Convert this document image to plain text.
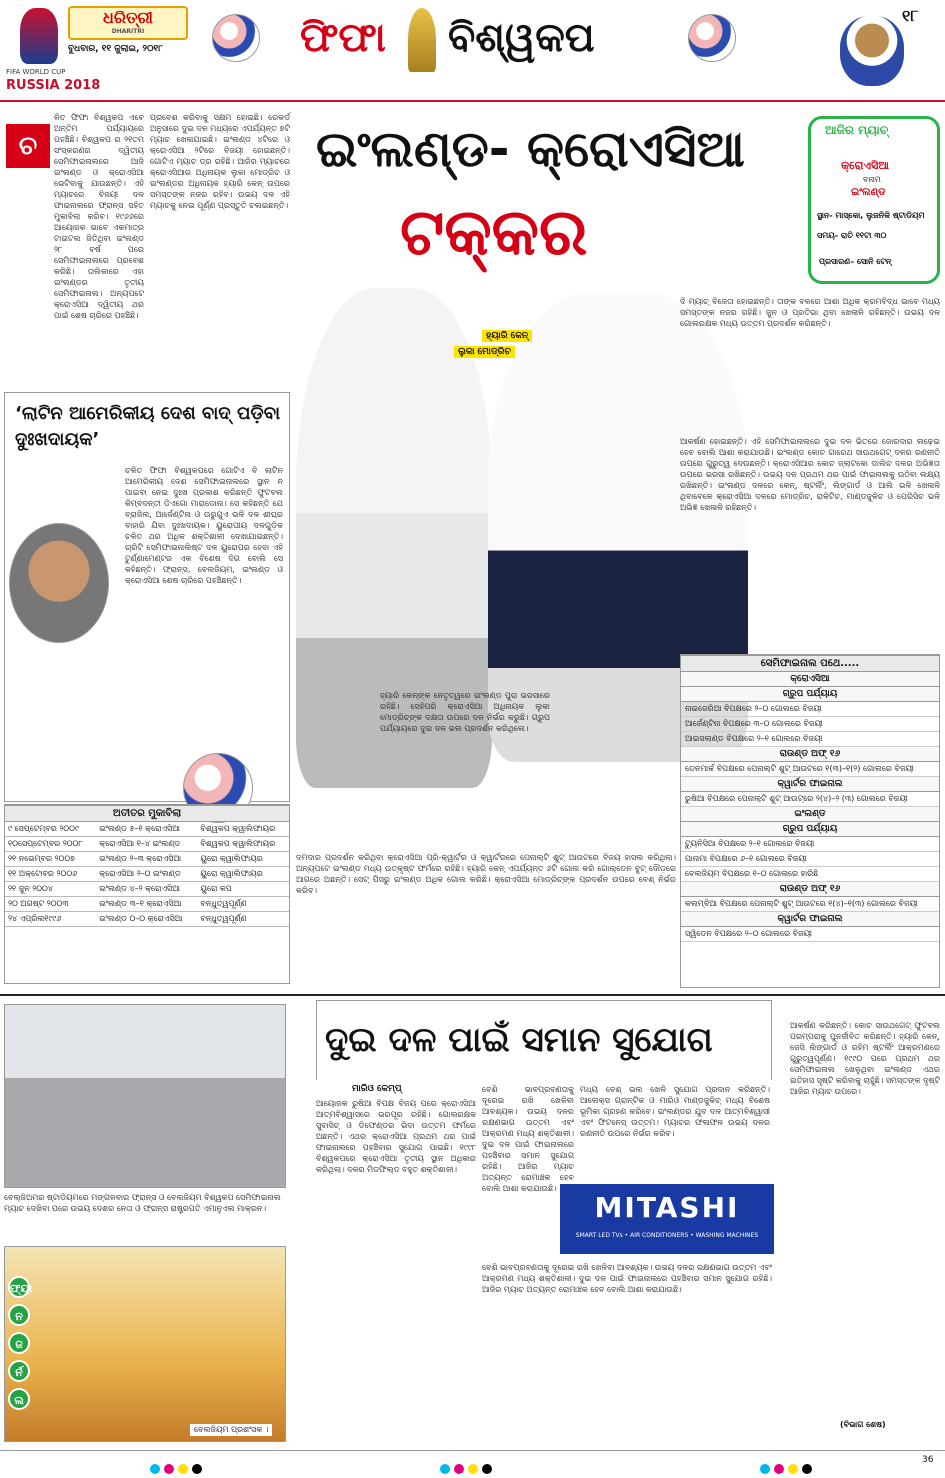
ଧରିତ୍ରୀ
DHARITRI
ବୁଧବାର, ୧୧ ଜୁଲାଇ, ୨୦୧୮
FIFA WORLD CUP
RUSSIA 2018
ଫିଫା ବିଶ୍ୱକପ	୧୮
ଚ
ଳିତ ଫିଫା ବିଶ୍ୱକପ ଏବେ ଅନ୍ତିମ ପର୍ଯ୍ୟାୟରେ ପହଞ୍ଚିଛି। ବିଶ୍ୱକପ ର ୨୧ତମ ସଂସ୍କରଣର ଦ୍ୱିତୀୟ ସେମିଫାଇନାଲରେ ଆଜି ଇଂଲଣ୍ଡ ଓ କ୍ରୋଏସିଆ ଭେଟିବାକୁ ଯାଉଛନ୍ତି। ଏହି ମ୍ୟାଚରେ ବିଜୟୀ ଦଳ ଫାଇନାଲରେ ଫ୍ରାନ୍ସ ସହିତ ମୁକାବିଲା କରିବ। ୧୯୬୬ରେ ଆୟୋଜକ ଭାବେ ଏକମାତ୍ର ଟାଇଟଲ ଜିତିଥିବା ଇଂଲଣ୍ଡ ୨୮ ବର୍ଷ ପରେ ସେମିଫାଇନାଲରେ ପ୍ରବେଶ କରିଛି। ତାଲିକାରେ ଏହା ଇଂଲଣ୍ଡର ତୃତୀୟ ସେମିଫାଇନାଲ। ଅନ୍ୟପଟେ କ୍ରୋଏସିଆ ଦ୍ୱିତୀୟ ଥର ପାଇଁ ଶେଷ ଚାରିରେ ପହଞ୍ଚିଛି।
ପ୍ରବେଶ କରିବାକୁ ସକ୍ଷମ ହୋଇଛି। ରେକର୍ଡ ଅନୁସାରେ ଦୁଇ ଦଳ ମଧ୍ୟରେ ଏପର୍ଯ୍ୟନ୍ତ ୭ଟି ମ୍ୟାଚ ଖେଳାଯାଇଛି। ଇଂଲଣ୍ଡ ୪ଟିରେ ଓ କ୍ରୋଏସିଆ ୨ଟିରେ ବିଜୟୀ ହୋଇଛନ୍ତି। ଗୋଟିଏ ମ୍ୟାଚ ଡ୍ର ରହିଛି। ଆଜିର ମ୍ୟାଚରେ କ୍ରୋଏସିଆର ଅଧିନାୟକ ଲୁକା ମୋଡ୍ରିଚ ଓ ଇଂଲଣ୍ଡର ଅଧିନାୟକ ହ୍ୟାରି କେନ୍ ଉପରେ ସମସ୍ତଙ୍କ ନଜର ରହିବ। ଉଭୟ ଦଳ ଏହି ମ୍ୟାଚକୁ ନେଇ ପୂର୍ଣ୍ଣ ପ୍ରସ୍ତୁତି ଚଳାଇଛନ୍ତି।
‘ଲାଟିନ ଆମେରିକୀୟ ଦେଶ ବାଦ୍ ପଡ଼ିବା ଦୁଃଖଦାୟକ’
ଚଳିତ ଫିଫା ବିଶ୍ୱକପରେ ଗୋଟିଏ ବି ଲାଟିନ ଆମେରିକୀୟ ଦେଶ ସେମିଫାଇନାଲରେ ସ୍ଥାନ ନ ପାଇବା ନେଇ ଦୁଃଖ ପ୍ରକାଶ କରିଛନ୍ତି ଫୁଟବଲ କିମ୍ବଦନ୍ତୀ ଡିଏଗୋ ମାରାଡୋନା। ସେ କହିଛନ୍ତି ଯେ ବ୍ରାଜିଲ, ଆର୍ଜେଣ୍ଟିନା ଓ ଉରୁଗୁଏ ଭଳି ଦଳ ଶୀଘ୍ର ବାହାରି ଯିବା ଦୁଃଖଦାୟକ। ୟୁରୋପୀୟ ଦଳଗୁଡ଼ିକ ଚଳିତ ଥର ଅଧିକ ଶକ୍ତିଶାଳୀ ଦେଖାଯାଇଛନ୍ତି। ଚାରିଟି ସେମିଫାଇନାଲିଷ୍ଟ ଦଳ ୟୁରୋପର ହେବା ଏହି ଟୁର୍ଣ୍ଣାମେଣ୍ଟର ଏକ ବିଶେଷ ଦିଗ ବୋଲି ସେ କହିଛନ୍ତି। ଫ୍ରାନ୍ସ, ବେଲଜିୟମ, ଇଂଲଣ୍ଡ ଓ କ୍ରୋଏସିଆ ଶେଷ ଚାରିରେ ପହଞ୍ଚିଛନ୍ତି।
ଅତୀତର ମୁକାବିଲା
୯ ସେପ୍ଟେମ୍ବର ୨୦୦୯	ଇଂଲଣ୍ଡ ୫–୧ କ୍ରୋଏସିଆ	ବିଶ୍ୱକପ କ୍ୱାଲିଫାୟର
୧୦ସେପ୍ଟେମ୍ବର ୨୦୦୮	କ୍ରୋଏସିଆ ୧–୪ ଇଂଲଣ୍ଡ	ବିଶ୍ୱକପ କ୍ୱାଲିଫାୟର
୨୧ ନଭେମ୍ବର ୨୦୦୭	ଇଂଲଣ୍ଡ ୨–୩ କ୍ରୋଏସିଆ	ୟୁରୋ କ୍ୱାଲିଫାୟର
୧୧ ଅକ୍ଟୋବର ୨୦୦୬	କ୍ରୋଏସିଆ ୨–୦ ଇଂଲଣ୍ଡ	ୟୁରୋ କ୍ୱାଲିଫାୟର
୨୧ ଜୁନ ୨୦୦୪	ଇଂଲଣ୍ଡ ୪–୨ କ୍ରୋଏସିଆ	ୟୁରୋ କପ
୨୦ ଅଗଷ୍ଟ ୨୦୦୩	ଇଂଲଣ୍ଡ ୩–୧ କ୍ରୋଏସିଆ	ବନ୍ଧୁତ୍ୱପୂର୍ଣ୍ଣ
୨୪ ଏପ୍ରିଲ୧୯୯୬	ଇଂଲଣ୍ଡ ୦–୦ କ୍ରୋଏସିଆ	ବନ୍ଧୁତ୍ୱପୂର୍ଣ୍ଣ
ଇଂଲଣ୍ଡ- କ୍ରୋଏସିଆ
ଟକ୍କର
ଆଜିର ମ୍ୟାଚ୍
କ୍ରୋଏସିଆ
ବନାମ
ଇଂଲଣ୍ଡ
ସ୍ଥାନ- ମାସ୍କୋ, ଲୁଜନିକି ଷ୍ଟାଡିୟମ
ସମୟ- ରାତି ୧୧ଟା ୩୦
ପ୍ରସାରଣ– ସୋନି ଟେନ୍
ହ୍ୟାରି କେନ୍
ଲୁକା ମୋଡ୍ରିଚ
ହ୍ୟାରି କେନ୍‌ଙ୍କ ନେତୃତ୍ୱରେ ଇଂଲଣ୍ଡ ପୁରା ଭରସାରେ ରହିଛି। ସେହିପରି କ୍ରୋଏସିଆ ଅଧିନାୟକ ଲୁକା ମୋଡ୍ରିଚ୍‌ଙ୍କ ଦକ୍ଷତା ଉପରେ ଦଳ ନିର୍ଭର କରୁଛି। ଗ୍ରୁପ ପର୍ଯ୍ୟାୟରେ ଦୁଇ ଦଳ ଭଲ ପ୍ରଦର୍ଶନ କରିଥିଲେ।
ଦମଦାର ପ୍ରଦର୍ଶନ କରିଥିବା କ୍ରୋଏସିଆ ପ୍ରି-କ୍ୱାର୍ଟର ଓ କ୍ୱାର୍ଟରରେ ପେନାଲ୍ଟି ଶୁଟ୍ ଆଉଟରେ ବିଜୟ ହାସଲ କରିଥିଲା। ଅନ୍ୟପଟେ ଇଂଲଣ୍ଡ ମଧ୍ୟ ଉତ୍କୃଷ୍ଟ ଫର୍ମରେ ରହିଛି। ହ୍ୟାରି କେନ୍ ଏପର୍ଯ୍ୟନ୍ତ ୬ଟି ଗୋଲ କରି ଗୋଲ୍ଡେନ ବୁଟ୍ ଦୌଡ଼ରେ ଆଗରେ ଅଛନ୍ତି। ସେଟ୍ ପିସରୁ ଇଂଲଣ୍ଡ ଅଧିକ ଗୋଲ କରିଛି। କ୍ରୋଏସିଆ ମୋଡ୍ରିଚ୍‌ଙ୍କ ପ୍ରଦର୍ଶନ ଉପରେ ବେଶ୍ ନିର୍ଭର କରିବ।
ଦି ମ୍ୟାଚ୍ ବିଜେତା ହୋଇଛନ୍ତି। ତାଙ୍କ ବଳରେ ଆଶା ଅଧିକ କ୍ରମବିଦ୍ଧ ଭାବେ ମଧ୍ୟ ସମସ୍ତଙ୍କ ନଜର ରହିଛି। ଜୁନ ଓ ପ୍ରତିଭା ଥିବା ଖେଳାଳି ରହିଛନ୍ତି। ଉଭୟ ଦଳ ଗୋଲରକ୍ଷକ ମଧ୍ୟ ଉତ୍ତମ ପ୍ରଦର୍ଶନ କରିଛନ୍ତି।
ଆକର୍ଷଣ ହୋଇଛନ୍ତି। ଏହି ସେମିଫାଇନାଲରେ ଦୁଇ ଦଳ ଭିତରେ ଜୋରଦାର ଲଢ଼େଇ ହେବ ବୋଲି ଆଶା କରାଯାଉଛି। ଇଂଲଣ୍ଡ କୋଚ ଗାରେଥ ସାଉଥଗେଟ୍ ଦଳର ରଣନୀତି ଉପରେ ଗୁରୁତ୍ୱ ଦେଉଛନ୍ତି। କ୍ରୋଏସିଆର କୋଚ ଜ୍ଲାଟକୋ ଡାଲିଚ ଦଳର ଅଭିଜ୍ଞତା ଉପରେ ଭରସା ରଖିଛନ୍ତି। ଉଭୟ ଦଳ ପ୍ରଥମ ଥର ପାଇଁ ଫାଇନାଲକୁ ଉଠିବା ଲକ୍ଷ୍ୟ ରଖିଛନ୍ତି। ଇଂଲଣ୍ଡ ଦଳରେ କେନ୍, ଷ୍ଟର୍ଲିଂ, ଲିଙ୍ଗାର୍ଡ ଓ ଆଲି ଭଳି ଖେଳାଳି ଥିବାବେଳେ କ୍ରୋଏସିଆ ଦଳରେ ମୋଡ୍ରିଚ, ରାକିଟିଚ, ମାଣ୍ଡଜୁକିଚ ଓ ପେରିସିଚ ଭଳି ଅଭିଜ୍ଞ ଖେଳାଳି ରହିଛନ୍ତି।
ସେମିଫାଇନାଲ ପଥେ.....
କ୍ରୋଏସିଆ
ଗ୍ରୁପ ପର୍ଯ୍ୟାୟ
ନାଇଜେରିଆ ବିପକ୍ଷରେ ୨–୦ ଗୋଲରେ ବିଜୟୀ
ଆର୍ଜେଣ୍ଟିନା ବିପକ୍ଷରେ ୩–୦ ଗୋଲରେ ବିଜୟୀ
ଆଇସଲାଣ୍ଡ ବିପକ୍ଷରେ ୨–୧ ଗୋଲରେ ବିଜୟୀ
ରାଉଣ୍ଡ ଅଫ୍ ୧୬
ଡେନମାର୍କ ବିପକ୍ଷରେ ପେନାଲ୍ଟି ଶୁଟ୍ ଆଉଟରେ ୧(୩)–୧(୨) ଗୋଲରେ ବିଜୟୀ
କ୍ୱାର୍ଟର ଫାଇନାଲ
ରୁଷିଆ ବିପକ୍ଷରେ ପେନାଲ୍ଟି ଶୁଟ୍ ଆଉଟ୍ରେ ୨(୪)–୨ (୩) ଗୋଲରେ ବିଜୟୀ
ଇଂଲଣ୍ଡ
ଗ୍ରୁପ ପର୍ଯ୍ୟାୟ
ଟ୍ୟୁନିସିଆ ବିପକ୍ଷରେ ୨–୧ ଗୋଲରେ ବିଜୟୀ
ପାନାମା ବିପକ୍ଷରେ ୬–୧ ଗୋଲରେ ବିଜୟୀ
ବେଲଜିୟମ ବିପକ୍ଷରେ ୧–୦ ଗୋଲରେ ହାରିଛି
ରାଉଣ୍ଡ ଅଫ୍ ୧୬
କଲମ୍ବିଆ ବିପକ୍ଷରେ ପେନାଲ୍ଟି ଶୁଟ୍ ଆଉଟରେ ୧(୪)–୧(୩) ଗୋଲରେ ବିଜୟୀ
କ୍ୱାର୍ଟର ଫାଇନାଲ
ସ୍ୱିଡେନ ବିପକ୍ଷରେ ୨–୦ ଗୋଲରେ ବିଜୟୀ
ବେଲ୍ଜିଅମର ଷ୍ଟାଡିୟମରେ ମଙ୍ଗଳବାର ଫ୍ରାନ୍ସ ଓ ବେଲଜିୟମ ବିଶ୍ୱକପ ସେମିଫାଇନାଲ ମ୍ୟାଚ ଦେଖିବା ପରେ ଉଭୟ ଦେଶର ନେତା ଓ ଫ୍ରାନ୍ସ ରାଷ୍ଟ୍ରପତି ଏମାନୁଏଲ ମାକ୍ରନ।
ବେଲଜିୟମ ପ୍ରଶଂସକ ।
ଫ୍ୟା
ନ
ଜ
ର୍ନ
ଲ
ଦୁଇ ଦଳ ପାଇଁ ସମାନ ସୁଯୋଗ
ମାରିଓ କେମ୍ପ୍
ଆୟୋଜକ ରୁଷିଆ ବିପକ୍ଷ ବିଜୟ ପରେ କ୍ରୋଏସିଆ ଆତ୍ମବିଶ୍ୱାସରେ ଭରପୂର ରହିଛି। ଗୋଲରକ୍ଷକ ସୁବାସିଚ୍ ଓ ଡିଫେଣ୍ଡର ଭିଦା ଉତ୍ତମ ଫର୍ମରେ ଅଛନ୍ତି। ଏଥର କ୍ରୋଏସିଆ ପ୍ରଥମ ଥର ପାଇଁ ଫାଇନାଲରେ ପହଞ୍ଚିବାର ସୁଯୋଗ ପାଇଛି। ୧୯୯୮ ବିଶ୍ୱକପରେ କ୍ରୋଏସିଆ ତୃତୀୟ ସ୍ଥାନ ଅଧିକାର କରିଥିଲା। ଦଳର ମିଡଫିଲ୍ଡ ବହୁତ ଶକ୍ତିଶାଳୀ।
ବେଶି ଭାବପ୍ରବଣତାକୁ ଦୂରେଇ ରଖି ଖେଳିବା ଆବଶ୍ୟକ। ଉଭୟ ଦଳର ରକ୍ଷଣଭାଗ ଉତ୍ତମ ଏବଂ ଆକ୍ରମଣ ମଧ୍ୟ ଶକ୍ତିଶାଳୀ। ଦୁଇ ଦଳ ପାଇଁ ଫାଇନାଲରେ ପହଞ୍ଚିବାର ସମାନ ସୁଯୋଗ ରହିଛି। ଆଜିର ମ୍ୟାଚ ଅତ୍ୟନ୍ତ ରୋମାଞ୍ଚକ ହେବ ବୋଲି ଆଶା କରାଯାଉଛି।
ମଧ୍ୟ ବେଶ୍ ଭଲ ଖେଳି ସୁଯୋଗ ପ୍ରଦାନ କରିଛନ୍ତି। ଆଲେକ୍ସ ଗ୍ରାନ୍ଟିକ ଓ ମାରିଓ ମାଣ୍ଡଜୁକିଚ୍ ମଧ୍ୟ ବିଶେଷ ଭୂମିକା ଗ୍ରହଣ କରିବେ। ଇଂଲଣ୍ଡର ଯୁବ ଦଳ ଆତ୍ମବିଶ୍ୱାସୀ ଏବଂ ଫିଟନେସ୍ ଉତ୍ତମ। ମ୍ୟାଚର ଫଳାଫଳ ଉଭୟ ଦଳର ରଣନୀତି ଉପରେ ନିର୍ଭର କରିବ।
ଆକର୍ଷଣ କରିଛନ୍ତି। କୋଚ ସାଉଥଗେଟ୍ ଫୁଟବଲ ପରମ୍ପରାକୁ ପୁନର୍ଜୀବିତ କରିଛନ୍ତି। ହ୍ୟାରି କେନ୍, ଜେସି ଲିଙ୍ଗାର୍ଡ ଓ ରହିମ ଷ୍ଟର୍ଲିଂ ଆକ୍ରମଣରେ ଗୁରୁତ୍ୱପୂର୍ଣ୍ଣ। ୧୯୯୦ ପରେ ପ୍ରଥମ ଥର ସେମିଫାଇନାଲ ଖେଳୁଥିବା ଇଂଲଣ୍ଡ ଏଥର ଇତିହାସ ସୃଷ୍ଟି କରିବାକୁ ଚାହୁଁଛି। ସମସ୍ତଙ୍କ ଦୃଷ୍ଟି ଆଜିର ମ୍ୟାଚ ଉପରେ।
(ବିଭାଗ ଶେଷ)
MITASHI
SMART LED TVs • AIR CONDITIONERS • WASHING MACHINES
ବେଶି ଭାବପ୍ରବଣତାକୁ ଦୂରେଇ ରଖି ଖେଳିବା ଆବଶ୍ୟକ। ଉଭୟ ଦଳର ରକ୍ଷଣଭାଗ ଉତ୍ତମ ଏବଂ ଆକ୍ରମଣ ମଧ୍ୟ ଶକ୍ତିଶାଳୀ। ଦୁଇ ଦଳ ପାଇଁ ଫାଇନାଲରେ ପହଞ୍ଚିବାର ସମାନ ସୁଯୋଗ ରହିଛି। ଆଜିର ମ୍ୟାଚ ଅତ୍ୟନ୍ତ ରୋମାଞ୍ଚକ ହେବ ବୋଲି ଆଶା କରାଯାଉଛି।
36
